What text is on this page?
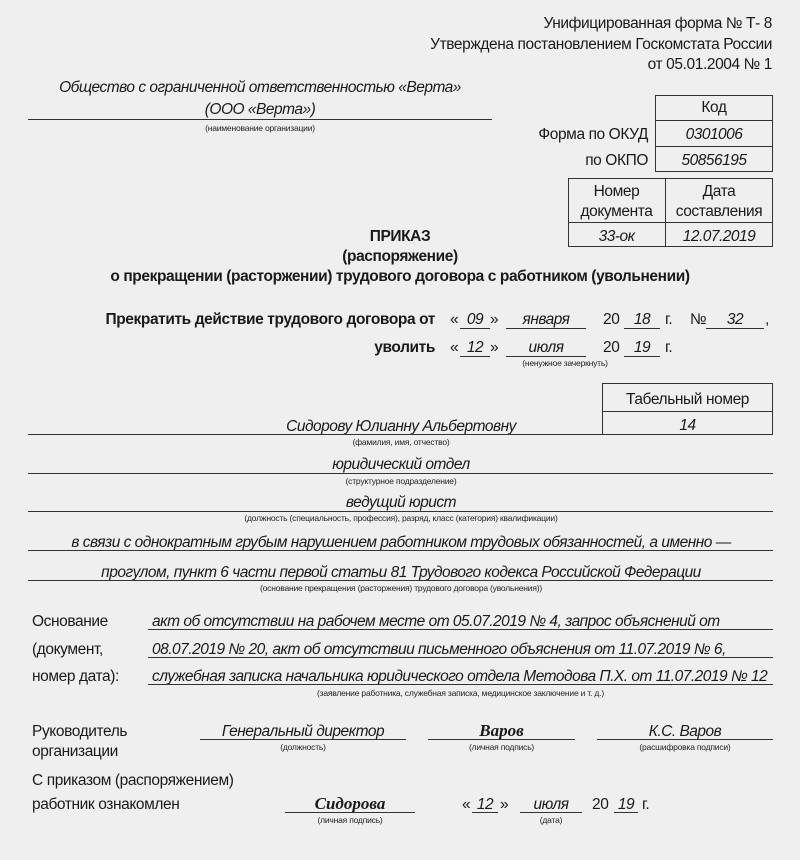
Унифицированная форма № Т- 8
Утверждена постановлением Госкомстата России
от 05.01.2004 № 1
Общество с ограниченной ответственностью «Верта»
(ООО «Верта»)
(наименование организации)
Код
Форма по ОКУД	0301006
по ОКПО	50856195
Номер
документа
Дата
составления
33-ок	12.07.2019
ПРИКАЗ
(распоряжение)
о прекращении (расторжении) трудового договора с работником (увольнении)
Прекратить действие трудового договора от « 09 »	января	20 18 г. №	32	,
уволить « 12 »	июля	20 19 г.
(ненужное зачеркнуть)
Табельный номер
14
Сидорову Юлианну Альбертовну
(фамилия, имя, отчество)
юридический отдел
(структурное подразделение)
ведущий юрист
(должность (специальность, профессия), разряд, класс (категория) квалификации)
в связи с однократным грубым нарушением работником трудовых обязанностей, а именно —
прогулом, пункт 6 части первой статьи 81 Трудового кодекса Российской Федерации
(основание прекращения (расторжения) трудового договора (увольнения))
Основание
(документ,
номер дата):
акт об отсутствии на рабочем месте от 05.07.2019 № 4, запрос объяснений от
08.07.2019 № 20, акт об отсутствии письменного объяснения от 11.07.2019 № 6,
служебная записка начальника юридического отдела Методова П.Х. от 11.07.2019 № 12
(заявление работника, служебная записка, медицинское заключение и т. д.)
Руководитель
организации
Генеральный директор
(должность)
Варов
(личная подпись)
К.С. Варов
(расшифровка подписи)
С приказом (распоряжением)
работник ознакомлен	Сидорова
(личная подпись)
« 12 »	июля
(дата)
20 19 г.
